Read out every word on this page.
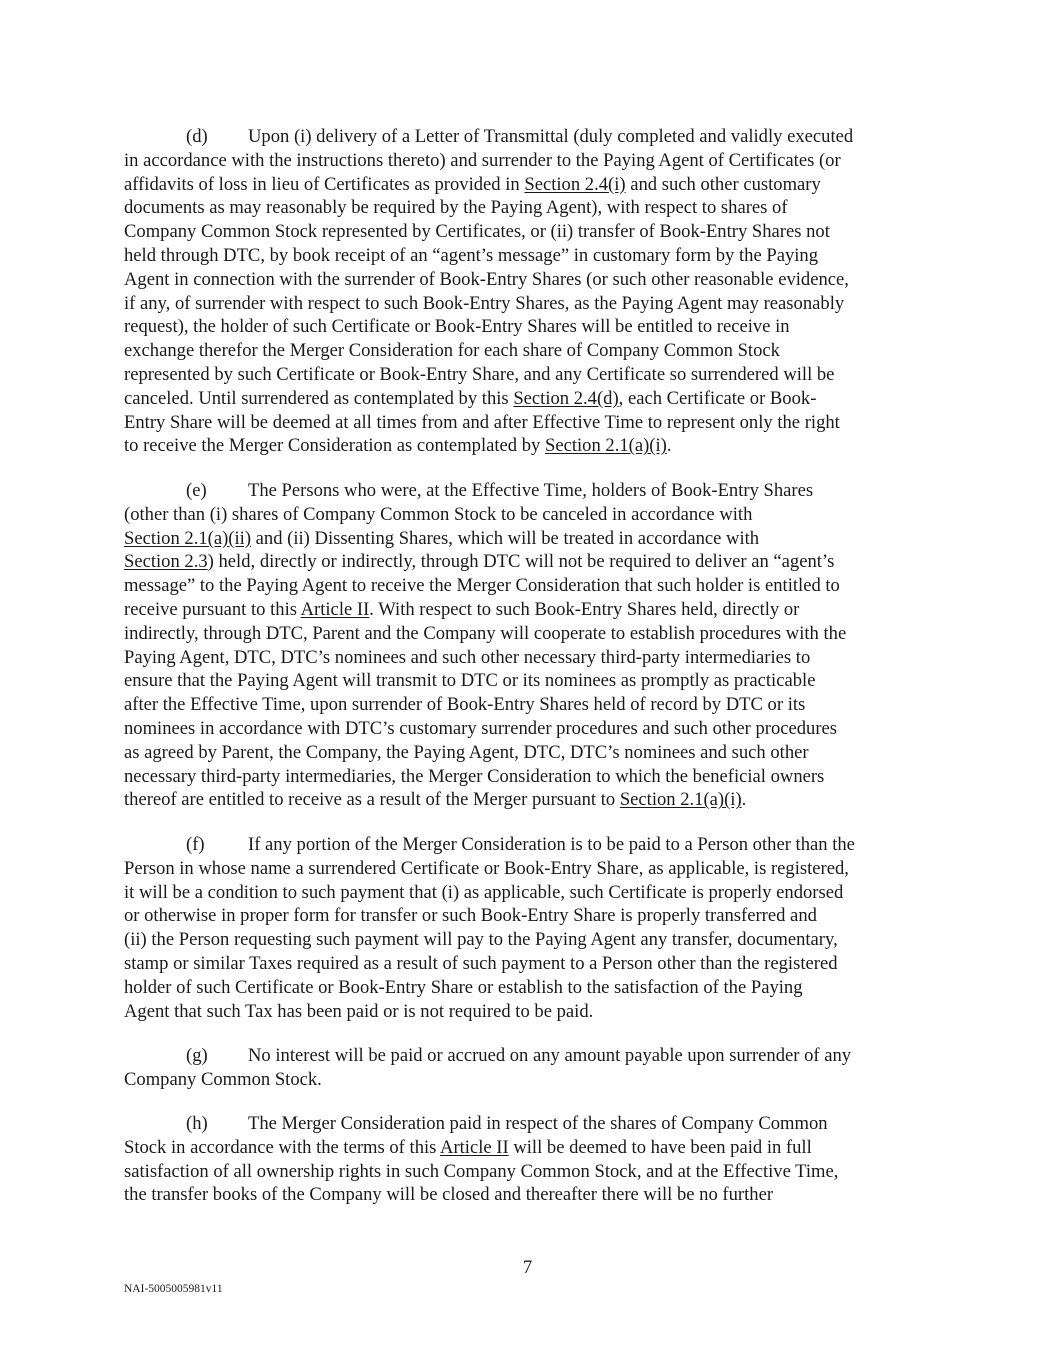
(d) Upon (i) delivery of a Letter of Transmittal (duly completed and validly executed
in accordance with the instructions thereto) and surrender to the Paying Agent of Certificates (or
affidavits of loss in lieu of Certificates as provided in Section 2.4(i) and such other customary
documents as may reasonably be required by the Paying Agent), with respect to shares of
Company Common Stock represented by Certificates, or (ii) transfer of Book-Entry Shares not
held through DTC, by book receipt of an “agent’s message” in customary form by the Paying
Agent in connection with the surrender of Book-Entry Shares (or such other reasonable evidence,
if any, of surrender with respect to such Book-Entry Shares, as the Paying Agent may reasonably
request), the holder of such Certificate or Book-Entry Shares will be entitled to receive in
exchange therefor the Merger Consideration for each share of Company Common Stock
represented by such Certificate or Book-Entry Share, and any Certificate so surrendered will be
canceled. Until surrendered as contemplated by this Section 2.4(d), each Certificate or Book-
Entry Share will be deemed at all times from and after Effective Time to represent only the right
to receive the Merger Consideration as contemplated by Section 2.1(a)(i).
(e) The Persons who were, at the Effective Time, holders of Book-Entry Shares
(other than (i) shares of Company Common Stock to be canceled in accordance with
Section 2.1(a)(ii) and (ii) Dissenting Shares, which will be treated in accordance with
Section 2.3) held, directly or indirectly, through DTC will not be required to deliver an “agent’s
message” to the Paying Agent to receive the Merger Consideration that such holder is entitled to
receive pursuant to this Article II. With respect to such Book-Entry Shares held, directly or
indirectly, through DTC, Parent and the Company will cooperate to establish procedures with the
Paying Agent, DTC, DTC’s nominees and such other necessary third-party intermediaries to
ensure that the Paying Agent will transmit to DTC or its nominees as promptly as practicable
after the Effective Time, upon surrender of Book-Entry Shares held of record by DTC or its
nominees in accordance with DTC’s customary surrender procedures and such other procedures
as agreed by Parent, the Company, the Paying Agent, DTC, DTC’s nominees and such other
necessary third-party intermediaries, the Merger Consideration to which the beneficial owners
thereof are entitled to receive as a result of the Merger pursuant to Section 2.1(a)(i).
(f) If any portion of the Merger Consideration is to be paid to a Person other than the
Person in whose name a surrendered Certificate or Book-Entry Share, as applicable, is registered,
it will be a condition to such payment that (i) as applicable, such Certificate is properly endorsed
or otherwise in proper form for transfer or such Book-Entry Share is properly transferred and
(ii) the Person requesting such payment will pay to the Paying Agent any transfer, documentary,
stamp or similar Taxes required as a result of such payment to a Person other than the registered
holder of such Certificate or Book-Entry Share or establish to the satisfaction of the Paying
Agent that such Tax has been paid or is not required to be paid.
(g) No interest will be paid or accrued on any amount payable upon surrender of any
Company Common Stock.
(h) The Merger Consideration paid in respect of the shares of Company Common
Stock in accordance with the terms of this Article II will be deemed to have been paid in full
satisfaction of all ownership rights in such Company Common Stock, and at the Effective Time,
the transfer books of the Company will be closed and thereafter there will be no further
7
NAI-5005005981v11
